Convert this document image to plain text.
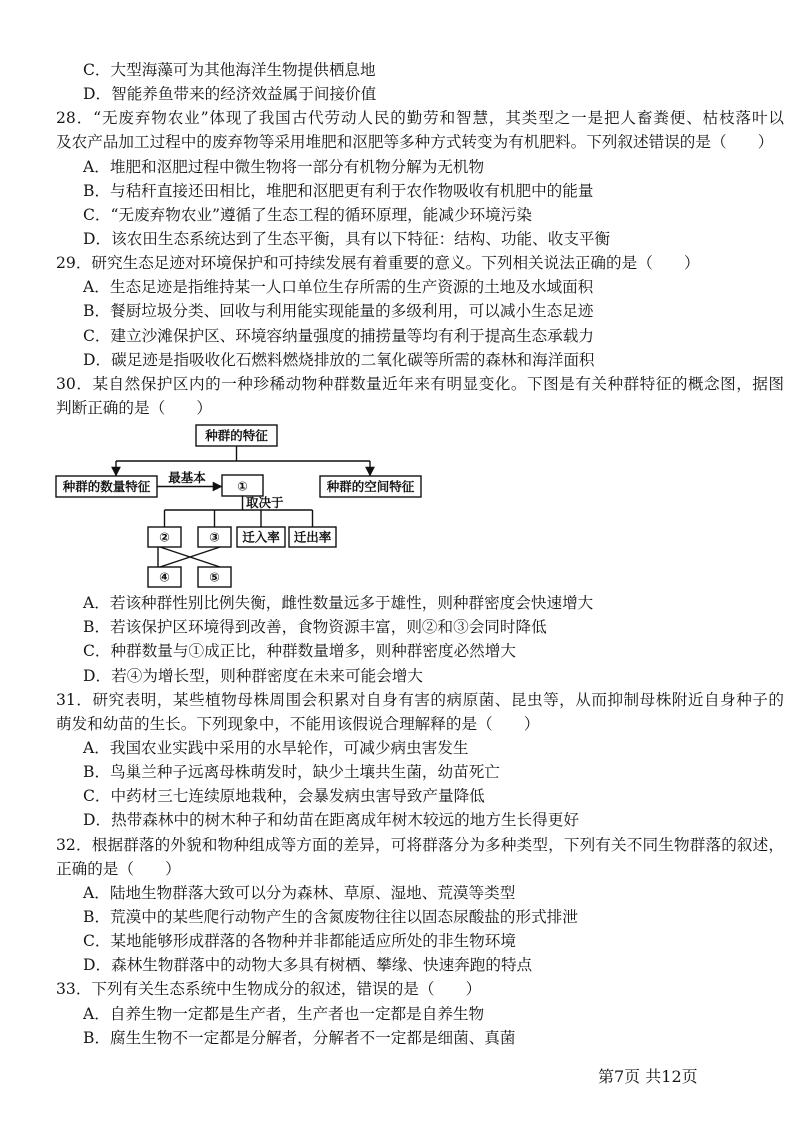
C．大型海藻可为其他海洋生物提供栖息地
D．智能养鱼带来的经济效益属于间接价值
28．“无废弃物农业”体现了我国古代劳动人民的勤劳和智慧，其类型之一是把人畜粪便、枯枝落叶以
及农产品加工过程中的废弃物等采用堆肥和沤肥等多种方式转变为有机肥料。下列叙述错误的是（　　）
A．堆肥和沤肥过程中微生物将一部分有机物分解为无机物
B．与秸秆直接还田相比，堆肥和沤肥更有利于农作物吸收有机肥中的能量
C．“无废弃物农业”遵循了生态工程的循环原理，能减少环境污染
D．该农田生态系统达到了生态平衡，具有以下特征：结构、功能、收支平衡
29．研究生态足迹对环境保护和可持续发展有着重要的意义。下列相关说法正确的是（　　）
A．生态足迹是指维持某一人口单位生存所需的生产资源的土地及水域面积
B．餐厨垃圾分类、回收与利用能实现能量的多级利用，可以减小生态足迹
C．建立沙滩保护区、环境容纳量强度的捕捞量等均有利于提高生态承载力
D．碳足迹是指吸收化石燃料燃烧排放的二氧化碳等所需的森林和海洋面积
30．某自然保护区内的一种珍稀动物种群数量近年来有明显变化。下图是有关种群特征的概念图，据图
判断正确的是（　　）
种群的特征
种群的数量特征	种群的空间特征
最基本
①
取决于
②	③ 迁入率 迁出率
④	⑤
A．若该种群性别比例失衡，雌性数量远多于雄性，则种群密度会快速增大
B．若该保护区环境得到改善，食物资源丰富，则②和③会同时降低
C．种群数量与①成正比，种群数量增多，则种群密度必然增大
D．若④为增长型，则种群密度在未来可能会增大
31．研究表明，某些植物母株周围会积累对自身有害的病原菌、昆虫等，从而抑制母株附近自身种子的
萌发和幼苗的生长。下列现象中，不能用该假说合理解释的是（　　）
A．我国农业实践中采用的水旱轮作，可减少病虫害发生
B．鸟巢兰种子远离母株萌发时，缺少土壤共生菌，幼苗死亡
C．中药材三七连续原地栽种，会暴发病虫害导致产量降低
D．热带森林中的树木种子和幼苗在距离成年树木较远的地方生长得更好
32．根据群落的外貌和物种组成等方面的差异，可将群落分为多种类型，下列有关不同生物群落的叙述，
正确的是（　　）
A．陆地生物群落大致可以分为森林、草原、湿地、荒漠等类型
B．荒漠中的某些爬行动物产生的含氮废物往往以固态尿酸盐的形式排泄
C．某地能够形成群落的各物种并非都能适应所处的非生物环境
D．森林生物群落中的动物大多具有树栖、攀缘、快速奔跑的特点
33．下列有关生态系统中生物成分的叙述，错误的是（　　）
A．自养生物一定都是生产者，生产者也一定都是自养生物
B．腐生生物不一定都是分解者，分解者不一定都是细菌、真菌
第7页 共12页
